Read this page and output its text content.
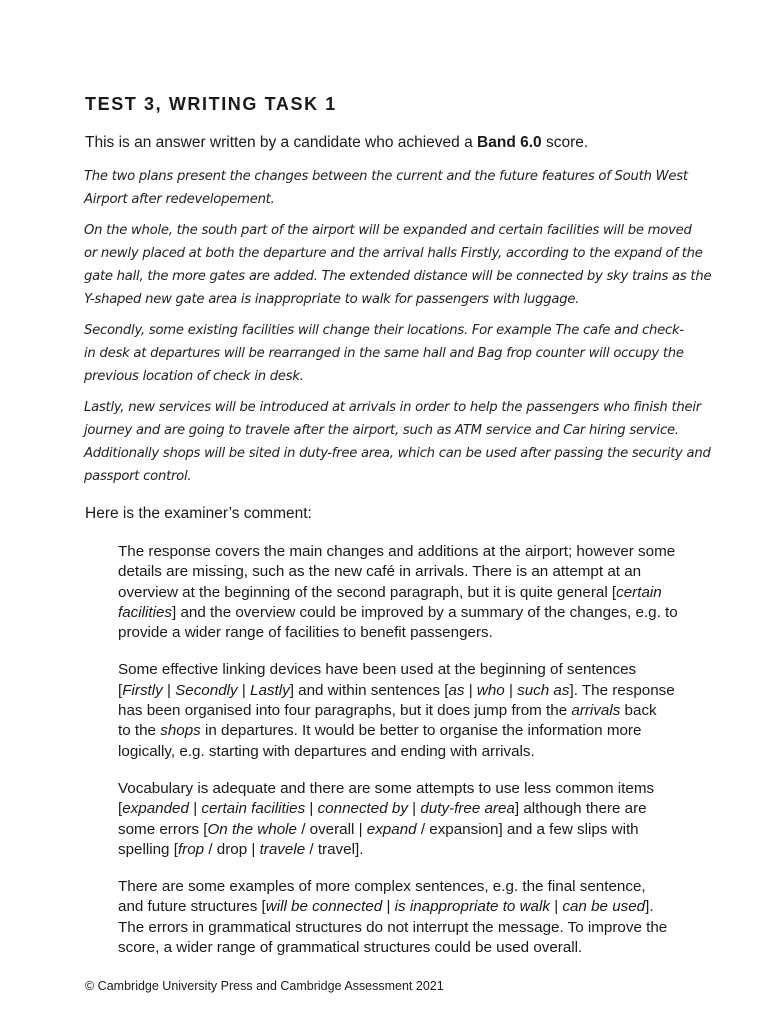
TEST 3, WRITING TASK 1
This is an answer written by a candidate who achieved a Band 6.0 score.
The two plans present the changes between the current and the future features of South West
Airport after redevelopement.
On the whole, the south part of the airport will be expanded and certain facilities will be moved
or newly placed at both the departure and the arrival halls Firstly, according to the expand of the
gate hall, the more gates are added. The extended distance will be connected by sky trains as the
Y-shaped new gate area is inappropriate to walk for passengers with luggage.
Secondly, some existing facilities will change their locations. For example The cafe and check-
in desk at departures will be rearranged in the same hall and Bag frop counter will occupy the
previous location of check in desk.
Lastly, new services will be introduced at arrivals in order to help the passengers who finish their
journey and are going to travele after the airport, such as ATM service and Car hiring service.
Additionally shops will be sited in duty-free area, which can be used after passing the security and
passport control.
Here is the examiner’s comment:
The response covers the main changes and additions at the airport; however some
details are missing, such as the new café in arrivals. There is an attempt at an
overview at the beginning of the second paragraph, but it is quite general [certain
facilities] and the overview could be improved by a summary of the changes, e.g. to
provide a wider range of facilities to benefit passengers.
Some effective linking devices have been used at the beginning of sentences
[Firstly | Secondly | Lastly] and within sentences [as | who | such as]. The response
has been organised into four paragraphs, but it does jump from the arrivals back
to the shops in departures. It would be better to organise the information more
logically, e.g. starting with departures and ending with arrivals.
Vocabulary is adequate and there are some attempts to use less common items
[expanded | certain facilities | connected by | duty-free area] although there are
some errors [On the whole / overall | expand / expansion] and a few slips with
spelling [frop / drop | travele / travel].
There are some examples of more complex sentences, e.g. the final sentence,
and future structures [will be connected | is inappropriate to walk | can be used].
The errors in grammatical structures do not interrupt the message. To improve the
score, a wider range of grammatical structures could be used overall.
© Cambridge University Press and Cambridge Assessment 2021
